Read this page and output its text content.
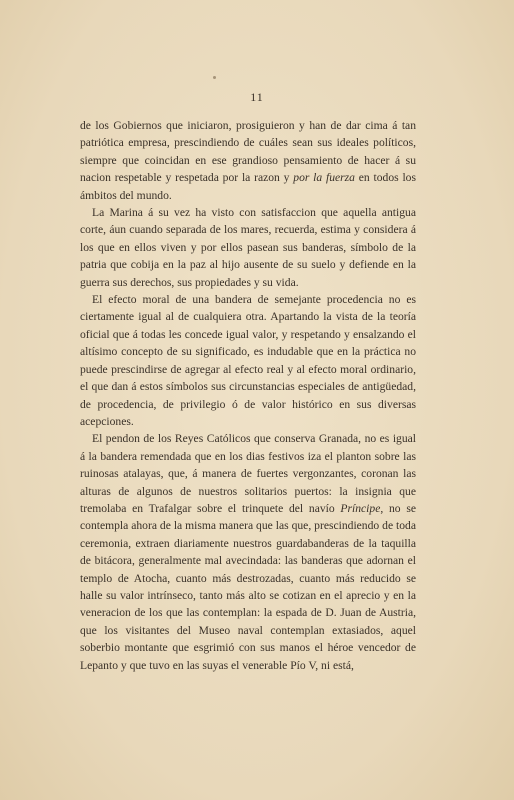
11

de los Gobiernos que iniciaron, prosiguieron y han de dar cima á tan patriótica empresa, prescindiendo de cuáles sean sus ideales políticos, siempre que coincidan en ese grandioso pensamiento de hacer á su nacion respetable y respetada por la razon y por la fuerza en todos los ámbitos del mundo.

La Marina á su vez ha visto con satisfaccion que aquella antigua corte, áun cuando separada de los mares, recuerda, estima y considera á los que en ellos viven y por ellos pasean sus banderas, símbolo de la patria que cobija en la paz al hijo ausente de su suelo y defiende en la guerra sus derechos, sus propiedades y su vida.

El efecto moral de una bandera de semejante procedencia no es ciertamente igual al de cualquiera otra. Apartando la vista de la teoría oficial que á todas les concede igual valor, y respetando y ensalzando el altísimo concepto de su significado, es indudable que en la práctica no puede prescindirse de agregar al efecto real y al efecto moral ordinario, el que dan á estos símbolos sus circunstancias especiales de antigüedad, de procedencia, de privilegio ó de valor histórico en sus diversas acepciones.

El pendon de los Reyes Católicos que conserva Granada, no es igual á la bandera remendada que en los dias festivos iza el planton sobre las ruinosas atalayas, que, á manera de fuertes vergonzantes, coronan las alturas de algunos de nuestros solitarios puertos: la insignia que tremolaba en Trafalgar sobre el trinquete del navío Príncipe, no se contempla ahora de la misma manera que las que, prescindiendo de toda ceremonia, extraen diariamente nuestros guardabanderas de la taquilla de bitácora, generalmente mal avecindada: las banderas que adornan el templo de Atocha, cuanto más destrozadas, cuanto más reducido se halle su valor intrínseco, tanto más alto se cotizan en el aprecio y en la veneracion de los que las contemplan: la espada de D. Juan de Austria, que los visitantes del Museo naval contemplan extasiados, aquel soberbio montante que esgrimió con sus manos el héroe vencedor de Lepanto y que tuvo en las suyas el venerable Pío V, ni está,
